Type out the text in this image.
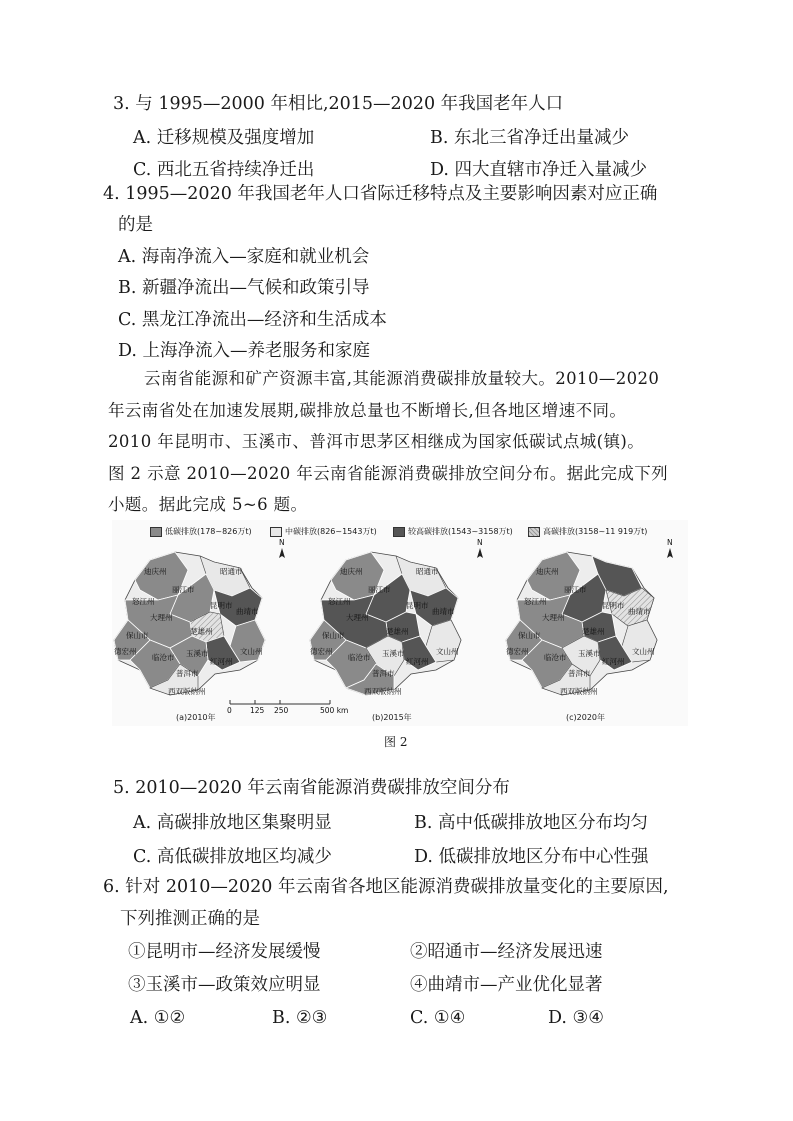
3. 与 1995—2000 年相比,2015—2020 年我国老年人口
A. 迁移规模及强度增加	B. 东北三省净迁出量减少
C. 西北五省持续净迁出	D. 四大直辖市净迁入量减少
4. 1995—2020 年我国老年人口省际迁移特点及主要影响因素对应正确
的是
A. 海南净流入—家庭和就业机会
B. 新疆净流出—气候和政策引导
C. 黑龙江净流出—经济和生活成本
D. 上海净流入—养老服务和家庭

云南省能源和矿产资源丰富,其能源消费碳排放量较大。2010—2020

年云南省处在加速发展期,碳排放总量也不断增长,但各地区增速不同。

2010 年昆明市、玉溪市、普洱市思茅区相继成为国家低碳试点城(镇)。

图 2 示意 2010—2020 年云南省能源消费碳排放空间分布。据此完成下列

小题。据此完成 5~6 题。

低碳排放(178~826万t)	中碳排放(826~1543万t)	较高碳排放(1543~3158万t)	高碳排放(3158~11 919万t)
N	N	N
0 125 250	500 km
(a)2010年	(b)2015年	(c)2020年
迪庆州
丽江市
昭通市
怒江州
大理州
昆明市
曲靖市
楚雄州
保山市
德宏州
临沧市 玉溪市
红河州
文山州
普洱市
西双版纳州
迪庆州
丽江市
昭通市
怒江州
大理州
昆明市
曲靖市
楚雄州
保山市
德宏州
临沧市 玉溪市
红河州
文山州
普洱市
西双版纳州
迪庆州
丽江市
怒江州
大理州
昆明市
曲靖市
楚雄州
保山市
德宏州
临沧市 玉溪市
红河州
文山州
普洱市
西双版纳州
图 2
5. 2010—2020 年云南省能源消费碳排放空间分布
A. 高碳排放地区集聚明显	B. 高中低碳排放地区分布均匀
C. 高低碳排放地区均减少	D. 低碳排放地区分布中心性强
6. 针对 2010—2020 年云南省各地区能源消费碳排放量变化的主要原因,
下列推测正确的是
①昆明市—经济发展缓慢	②昭通市—经济发展迅速
③玉溪市—政策效应明显	④曲靖市—产业优化显著
A. ①②	B. ②③	C. ①④	D. ③④
